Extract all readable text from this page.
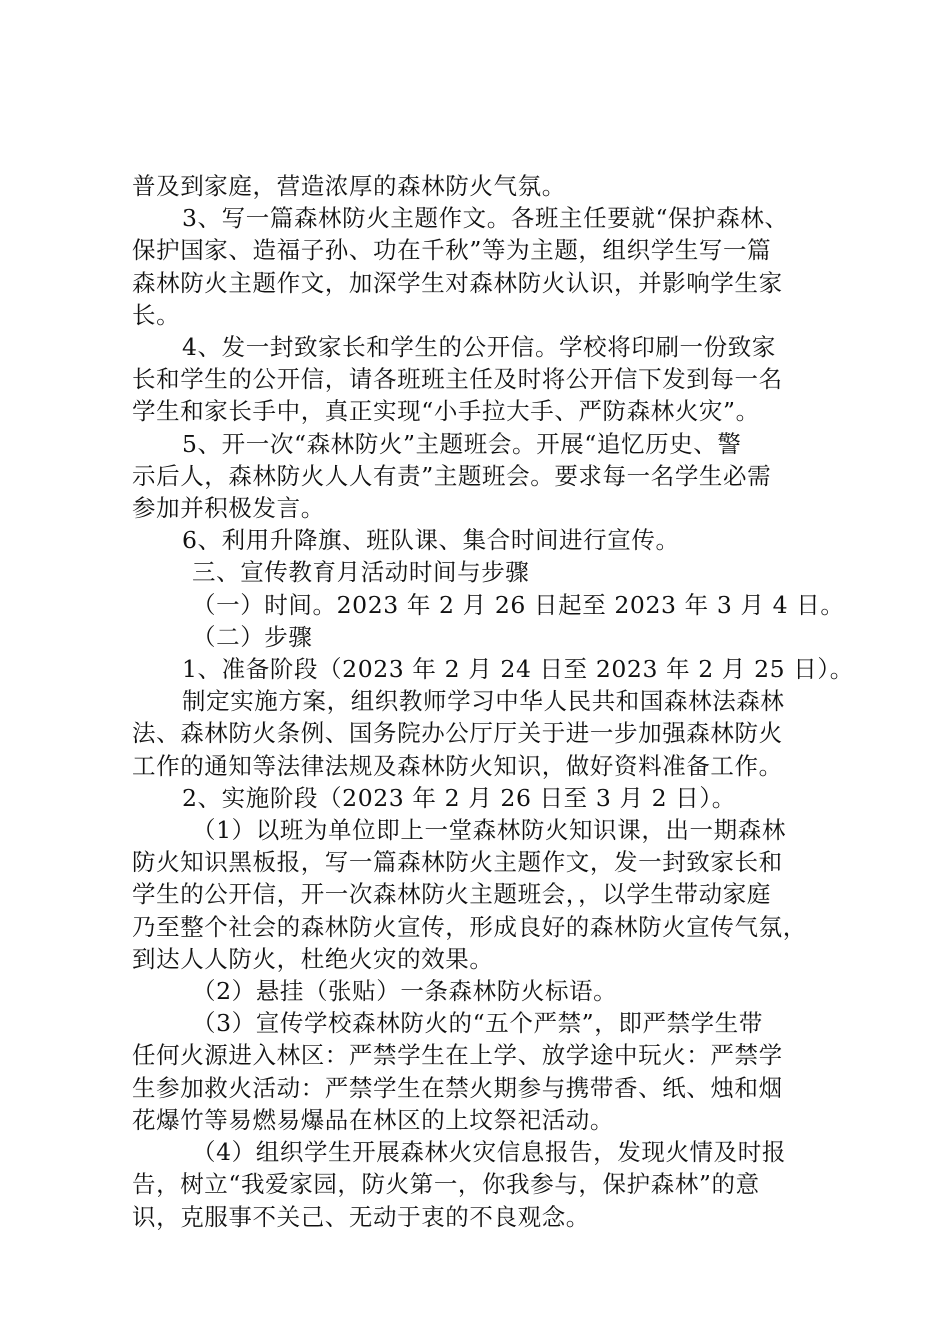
普及到家庭，营造浓厚的森林防火气氛。
3、写一篇森林防火主题作文。各班主任要就“保护森林、
保护国家、造福子孙、功在千秋”等为主题，组织学生写一篇
森林防火主题作文，加深学生对森林防火认识，并影响学生家
长。
4、发一封致家长和学生的公开信。学校将印刷一份致家
长和学生的公开信，请各班班主任及时将公开信下发到每一名
学生和家长手中，真正实现“小手拉大手、严防森林火灾”。
5、开一次“森林防火”主题班会。开展“追忆历史、警
示后人，森林防火人人有责”主题班会。要求每一名学生必需
参加并积极发言。
6、利用升降旗、班队课、集合时间进行宣传。
三、宣传教育月活动时间与步骤
（一）时间。2023 年 2 月 26 日起至 2023 年 3 月 4 日。
（二）步骤
1、准备阶段（2023 年 2 月 24 日至 2023 年 2 月 25 日）。
制定实施方案，组织教师学习中华人民共和国森林法森林
法、森林防火条例、国务院办公厅厅关于进一步加强森林防火
工作的通知等法律法规及森林防火知识，做好资料准备工作。
2、实施阶段（2023 年 2 月 26 日至 3 月 2 日）。
（1）以班为单位即上一堂森林防火知识课，出一期森林
防火知识黑板报，写一篇森林防火主题作文，发一封致家长和
学生的公开信，开一次森林防火主题班会，，以学生带动家庭
乃至整个社会的森林防火宣传，形成良好的森林防火宣传气氛，
到达人人防火，杜绝火灾的效果。
（2）悬挂（张贴）一条森林防火标语。
（3）宣传学校森林防火的“五个严禁”，即严禁学生带
任何火源进入林区：严禁学生在上学、放学途中玩火：严禁学
生参加救火活动：严禁学生在禁火期参与携带香、纸、烛和烟
花爆竹等易燃易爆品在林区的上坟祭祀活动。
（4）组织学生开展森林火灾信息报告，发现火情及时报
告，树立“我爱家园，防火第一，你我参与，保护森林”的意
识，克服事不关己、无动于衷的不良观念。
